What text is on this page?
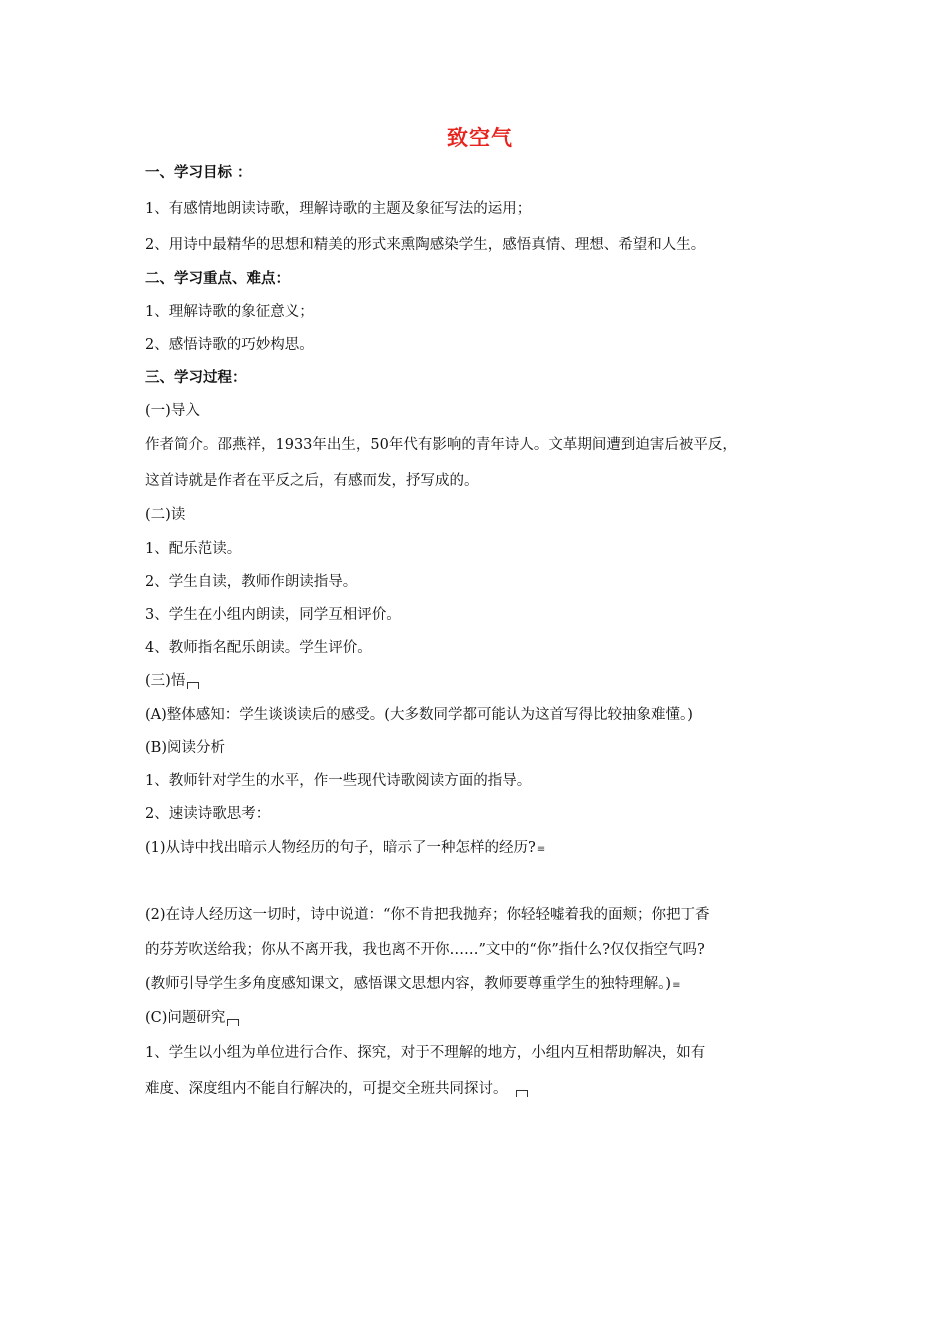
致空气
一、学习目标 ：
1、有感情地朗读诗歌，理解诗歌的主题及象征写法的运用；
2、用诗中最精华的思想和精美的形式来熏陶感染学生，感悟真情、理想、希望和人生。
二、学习重点、难点：
1、理解诗歌的象征意义；
2、感悟诗歌的巧妙构思。
三、学习过程：
(一)导入
作者简介。邵燕祥，1933年出生，50年代有影响的青年诗人。文革期间遭到迫害后被平反，
这首诗就是作者在平反之后，有感而发，抒写成的。
(二)读
1、配乐范读。
2、学生自读，教师作朗读指导。
3、学生在小组内朗读，同学互相评价。
4、教师指名配乐朗读。学生评价。
(三)悟
(A)整体感知：学生谈谈读后的感受。(大多数同学都可能认为这首写得比较抽象难懂。)
(B)阅读分析
1、教师针对学生的水平，作一些现代诗歌阅读方面的指导。
2、速读诗歌思考：
(1)从诗中找出暗示人物经历的句子，暗示了一种怎样的经历?≡
(2)在诗人经历这一切时，诗中说道：“你不肯把我抛弃；你轻轻嘘着我的面颊；你把丁香
的芬芳吹送给我；你从不离开我，我也离不开你……”文中的“你”指什么?仅仅指空气吗?
(教师引导学生多角度感知课文，感悟课文思想内容，教师要尊重学生的独特理解。)≡
(C)问题研究
1、学生以小组为单位进行合作、探究，对于不理解的地方，小组内互相帮助解决，如有
难度、深度组内不能自行解决的，可提交全班共同探讨。
